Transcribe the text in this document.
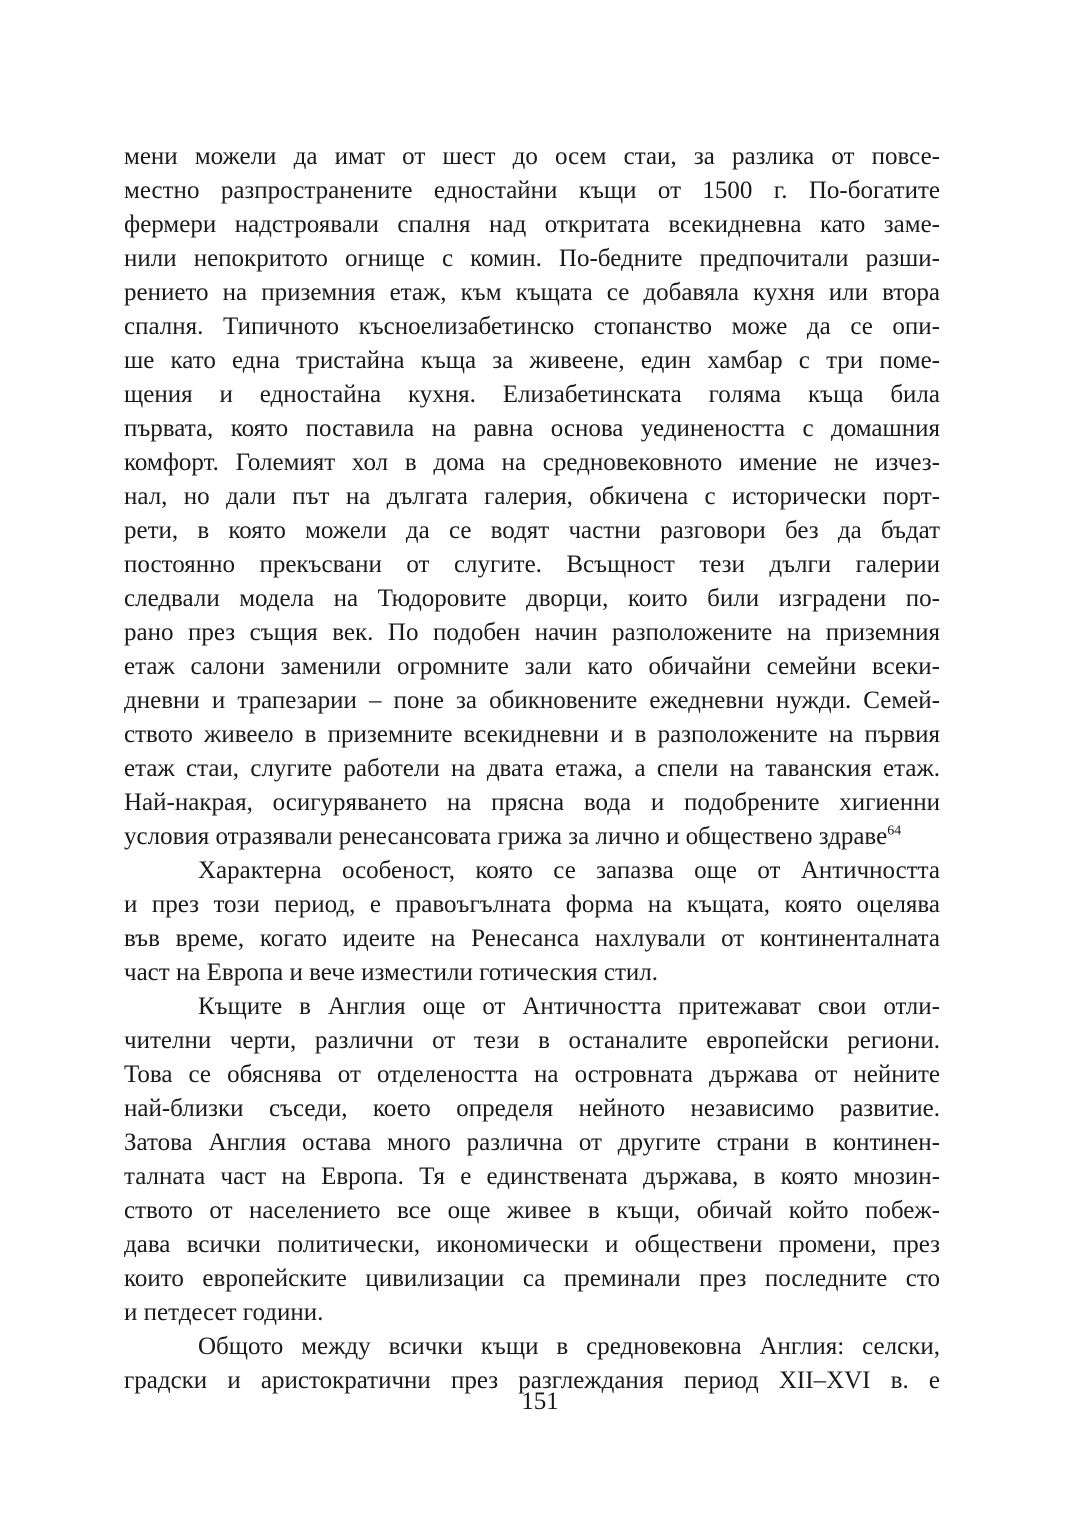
мени можели да имат от шест до осем стаи, за разлика от повсе-
местно разпространените едностайни къщи от 1500 г. По-богатите
фермери надстроявали спалня над откритата всекидневна като заме-
нили непокритото огнище с комин. По-бедните предпочитали разши-
рението на приземния етаж, към къщата се добавяла кухня или втора
спалня. Типичното къснoелизабетинско стопанство може да се опи-
ше като една тристайна къща за живеене, един хамбар с три поме-
щения и едностайна кухня. Елизабетинската голяма къща била
първата, която поставила на равна основа уединеността с домашния
комфорт. Големият хол в дома на средновековното имение не изчез-
нал, но дали път на дългата галерия, обкичена с исторически порт-
рети, в която можели да се водят частни разговори без да бъдат
постоянно прекъсвани от слугите. Всъщност тези дълги галерии
следвали модела на Тюдоровите дворци, които били изградени по-
рано през същия век. По подобен начин разположените на приземния
етаж салони заменили огромните зали като обичайни семейни всеки-
дневни и трапезарии – поне за обикновените ежедневни нужди. Семей-
ството живеело в приземните всекидневни и в разположените на първия
етаж стаи, слугите работели на двата етажа, а спели на таванския етаж.
Най-накрая, осигуряването на прясна вода и подобрените хигиенни
условия отразявали ренесансовата грижа за лично и обществено здраве$^{64}$
Характерна особеност, която се запазва още от Античността
и през този период, е правоъгълната форма на къщата, която оцелява
във време, когато идеите на Ренесанса нахлували от континенталната
част на Европа и вече изместили готическия стил.
Къщите в Англия още от Античността притежават свои отли-
чителни черти, различни от тези в останалите европейски региони.
Това се обяснява от отделеността на островната държава от нейните
най-близки съседи, което определя нейното независимо развитие.
Затова Англия остава много различна от другите страни в континен-
талната част на Европа. Тя е единствената държава, в която мнозин-
ството от населението все още живее в къщи, обичай който побеж-
дава всички политически, икономически и обществени промени, през
които европейските цивилизации са преминали през последните сто
и петдесет години.
Общото между всички къщи в средновековна Англия: селски,
градски и аристократични през разглеждания период XII–XVI в. е
151
